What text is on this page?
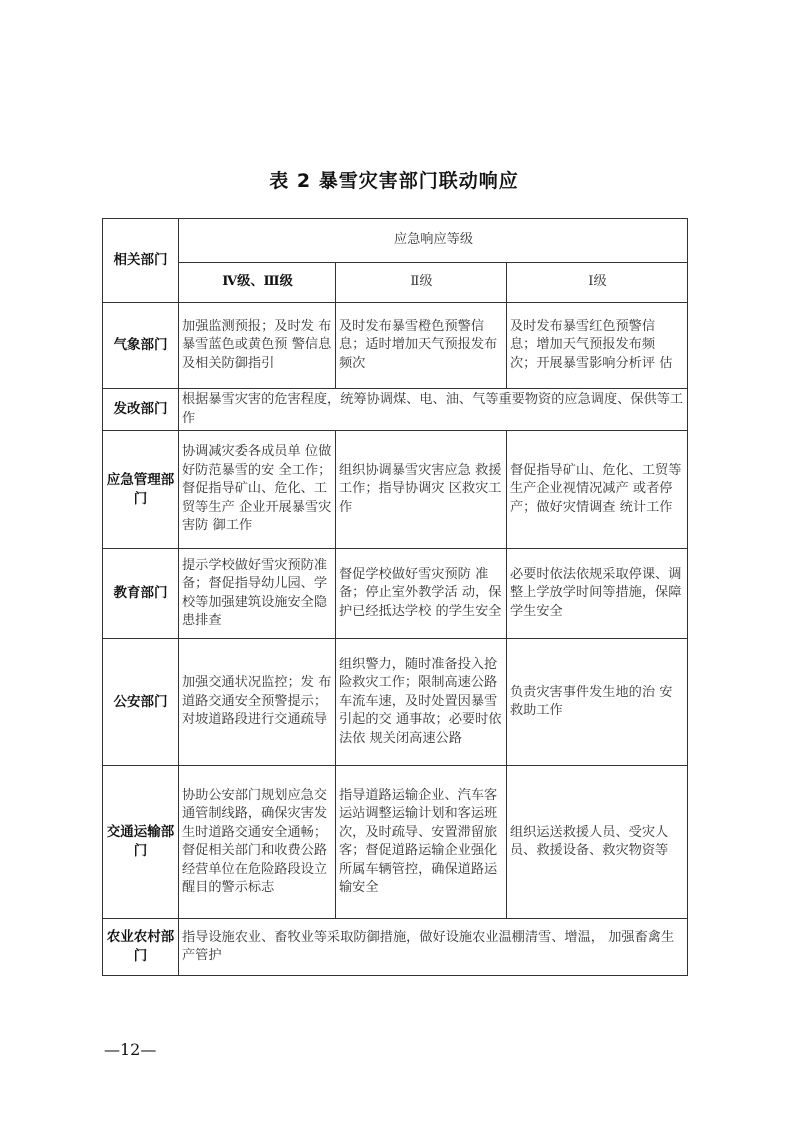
表 2 暴雪灾害部门联动响应
相关部门	应急响应等级		
	Ⅳ级、Ⅲ级	Ⅱ级	Ⅰ级
气象部门	加强监测预报；及时发 布暴雪蓝色或黄色预 警信息及相关防御指引	及时发布暴雪橙色预警信息；适时增加天气预报发布频次	及时发布暴雪红色预警信 息；增加天气预报发布频 次；开展暴雪影响分析评 估
发改部门	根据暴雪灾害的危害程度，统筹协调煤、电、油、气等重要物资的应急调度、保供等工作		
应急管理部门	协调减灾委各成员单 位做好防范暴雪的安 全工作；督促指导矿山、危化、工贸等生产 企业开展暴雪灾害防 御工作	组织协调暴雪灾害应急 救援工作；指导协调灾 区救灾工作	督促指导矿山、危化、工贸等生产企业视情况减产 或者停产；做好灾情调查 统计工作
教育部门	提示学校做好雪灾预防准备；督促指导幼儿园、学校等加强建筑设施安全隐患排查	督促学校做好雪灾预防 准备；停止室外教学活 动，保护已经抵达学校 的学生安全	必要时依法依规采取停课、调整上学放学时间等措施，保障学生安全
公安部门	加强交通状况监控；发 布道路交通安全预警提示；对坡道路段进行交通疏导	组织警力，随时准备投入抢险救灾工作；限制高速公路车流车速，及时处置因暴雪引起的交 通事故；必要时依法依 规关闭高速公路	负责灾害事件发生地的治 安救助工作
交通运输部门	协助公安部门规划应急交通管制线路，确保灾害发生时道路交通安全通畅；督促相关部门和收费公路经营单位在危险路段设立醒目的警示标志	指导道路运输企业、汽车客运站调整运输计划和客运班次，及时疏导、安置滞留旅客；督促道路运输企业强化所属车辆管控，确保道路运输安全	组织运送救援人员、受灾人员、救援设备、救灾物资等
农业农村部门	指导设施农业、畜牧业等采取防御措施，做好设施农业温棚清雪、增温， 加强畜禽生产管护		
—12—
